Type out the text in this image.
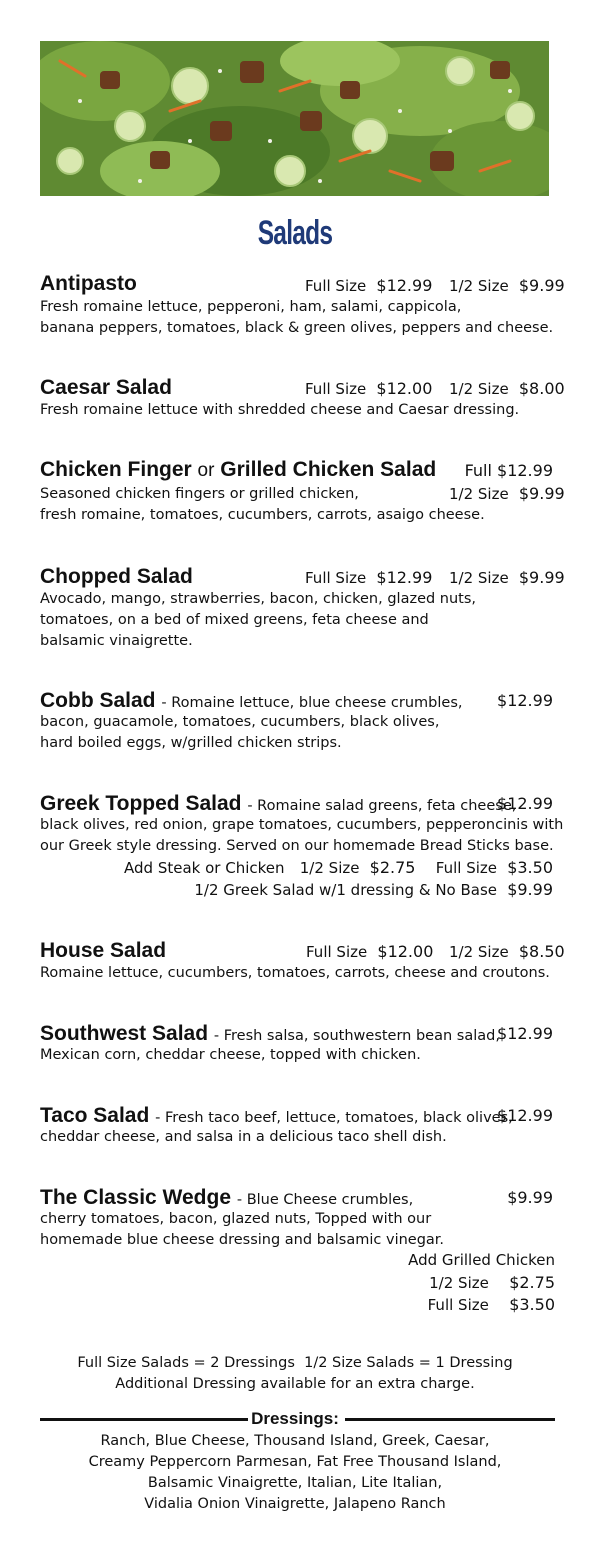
Salads
Antipasto	Full Size $12.99 1/2 Size $9.99
Fresh romaine lettuce, pepperoni, ham, salami, cappicola,
banana peppers, tomatoes, black & green olives, peppers and cheese.
Caesar Salad	Full Size $12.00 1/2 Size $8.00
Fresh romaine lettuce with shredded cheese and Caesar dressing.
Chicken Finger or Grilled Chicken Salad Full $12.99
1/2 Size $9.99
Seasoned chicken fingers or grilled chicken,
fresh romaine, tomatoes, cucumbers, carrots, asaigo cheese.
Chopped Salad	Full Size $12.99 1/2 Size $9.99
Avocado, mango, strawberries, bacon, chicken, glazed nuts,
tomatoes, on a bed of mixed greens, feta cheese and
balsamic vinaigrette.
Cobb Salad - Romaine lettuce, blue cheese crumbles, $12.99
bacon, guacamole, tomatoes, cucumbers, black olives,
hard boiled eggs, w/grilled chicken strips.
Greek Topped Salad - Romaine salad greens, feta cheese,
$12.99
black olives, red onion, grape tomatoes, cucumbers, pepperoncinis with
our Greek style dressing. Served on our homemade Bread Sticks base.
Add Steak or Chicken 1/2 Size $2.75 Full Size $3.50
1/2 Greek Salad w/1 dressing & No Base $9.99
House Salad	Full Size $12.00 1/2 Size $8.50
Romaine lettuce, cucumbers, tomatoes, carrots, cheese and croutons.
Southwest Salad - Fresh salsa, southwestern bean salad,
$12.99
Mexican corn, cheddar cheese, topped with chicken.
Taco Salad - Fresh taco beef, lettuce, tomatoes, black olives,
$12.99
cheddar cheese, and salsa in a delicious taco shell dish.
The Classic Wedge - Blue Cheese crumbles,	$9.99
cherry tomatoes, bacon, glazed nuts, Topped with our
homemade blue cheese dressing and balsamic vinegar.
Add Grilled Chicken
1/2 Size $2.75
Full Size $3.50
Full Size Salads = 2 Dressings  1/2 Size Salads = 1 Dressing
Additional Dressing available for an extra charge.
Dressings:
Ranch, Blue Cheese, Thousand Island, Greek, Caesar,
Creamy Peppercorn Parmesan, Fat Free Thousand Island,
Balsamic Vinaigrette, Italian, Lite Italian,
Vidalia Onion Vinaigrette, Jalapeno Ranch
